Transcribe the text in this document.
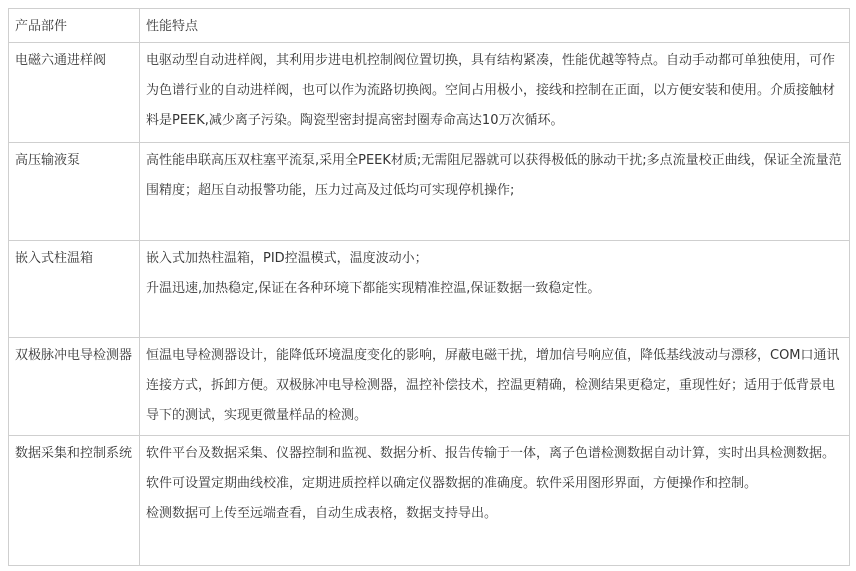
产品部件	性能特点
电磁六通进样阀	电驱动型自动进样阀，其利用步进电机控制阀位置切换，具有结构紧凑，性能优越等特点。自动手动都可单独使用，可作为色谱行业的自动进样阀，也可以作为流路切换阀。空间占用极小，接线和控制在正面，以方便安装和使用。介质接触材料是PEEK,减少离子污染。陶瓷型密封提高密封圈寿命高达10万次循环。

高压输液泵	高性能串联高压双柱塞平流泵,采用全PEEK材质;无需阻尼器就可以获得极低的脉动干扰;多点流量校正曲线，保证全流量范围精度；超压自动报警功能，压力过高及过低均可实现停机操作;

嵌入式柱温箱	嵌入式加热柱温箱，PID控温模式，温度波动小；
升温迅速,加热稳定,保证在各种环境下都能实现精准控温,保证数据一致稳定性。

双极脉冲电导检测器	恒温电导检测器设计，能降低环境温度变化的影响，屏蔽电磁干扰，增加信号响应值，降低基线波动与漂移，COM口通讯连接方式，拆卸方便。双极脉冲电导检测器，温控补偿技术，控温更精确，检测结果更稳定，重现性好；适用于低背景电导下的测试，实现更微量样品的检测。

数据采集和控制系统	软件平台及数据采集、仪器控制和监视、数据分析、报告传输于一体，离子色谱检测数据自动计算，实时出具检测数据。
软件可设置定期曲线校准，定期进质控样以确定仪器数据的准确度。软件采用图形界面，方便操作和控制。
检测数据可上传至远端查看，自动生成表格，数据支持导出。
